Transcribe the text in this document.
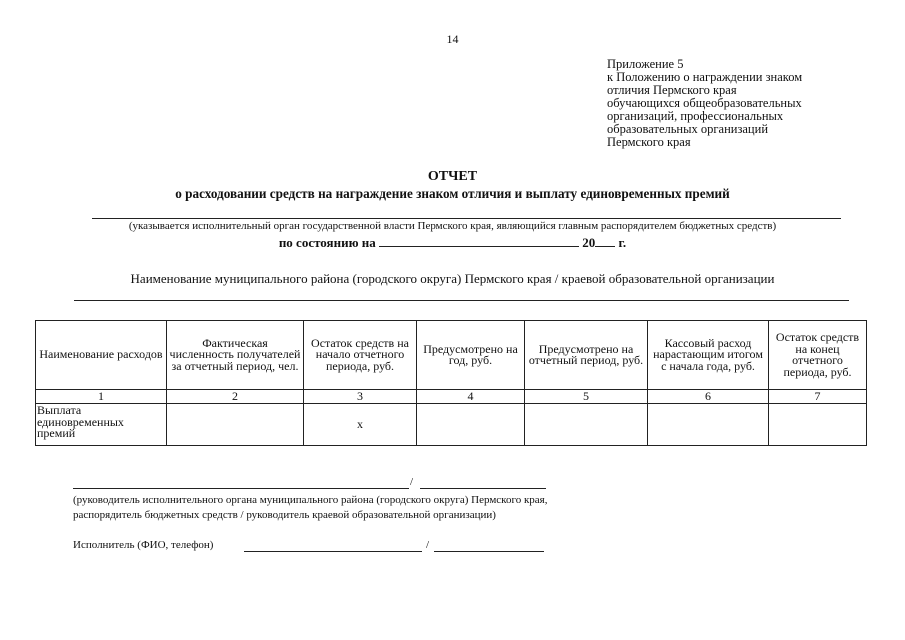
14
Приложение 5
к Положению о награждении знаком
отличия Пермского края
обучающихся общеобразовательных
организаций, профессиональных
образовательных организаций
Пермского края
ОТЧЕТ
о расходовании средств на награждение знаком отличия и выплату единовременных премий
(указывается исполнительный орган государственной власти Пермского края, являющийся главным распорядителем бюджетных средств)
по состоянию на	20 г.
Наименование муниципального района (городского округа) Пермского края / краевой образовательной организации
Наименование расходов	Фактическая численность получателей за отчетный период, чел.	Остаток средств на начало отчетного периода, руб.	Предусмотрено на год, руб.	Предусмотрено на отчетный период, руб.	Кассовый расход нарастающим итогом с начала года, руб.	Остаток средств на конец отчетного периода, руб.
1	2	3	4	5	6	7
Выплата единовременных премий		x				
/
(руководитель исполнительного органа муниципального района (городского округа) Пермского края,
распорядитель бюджетных средств / руководитель краевой образовательной организации)
Исполнитель (ФИО, телефон)	/
